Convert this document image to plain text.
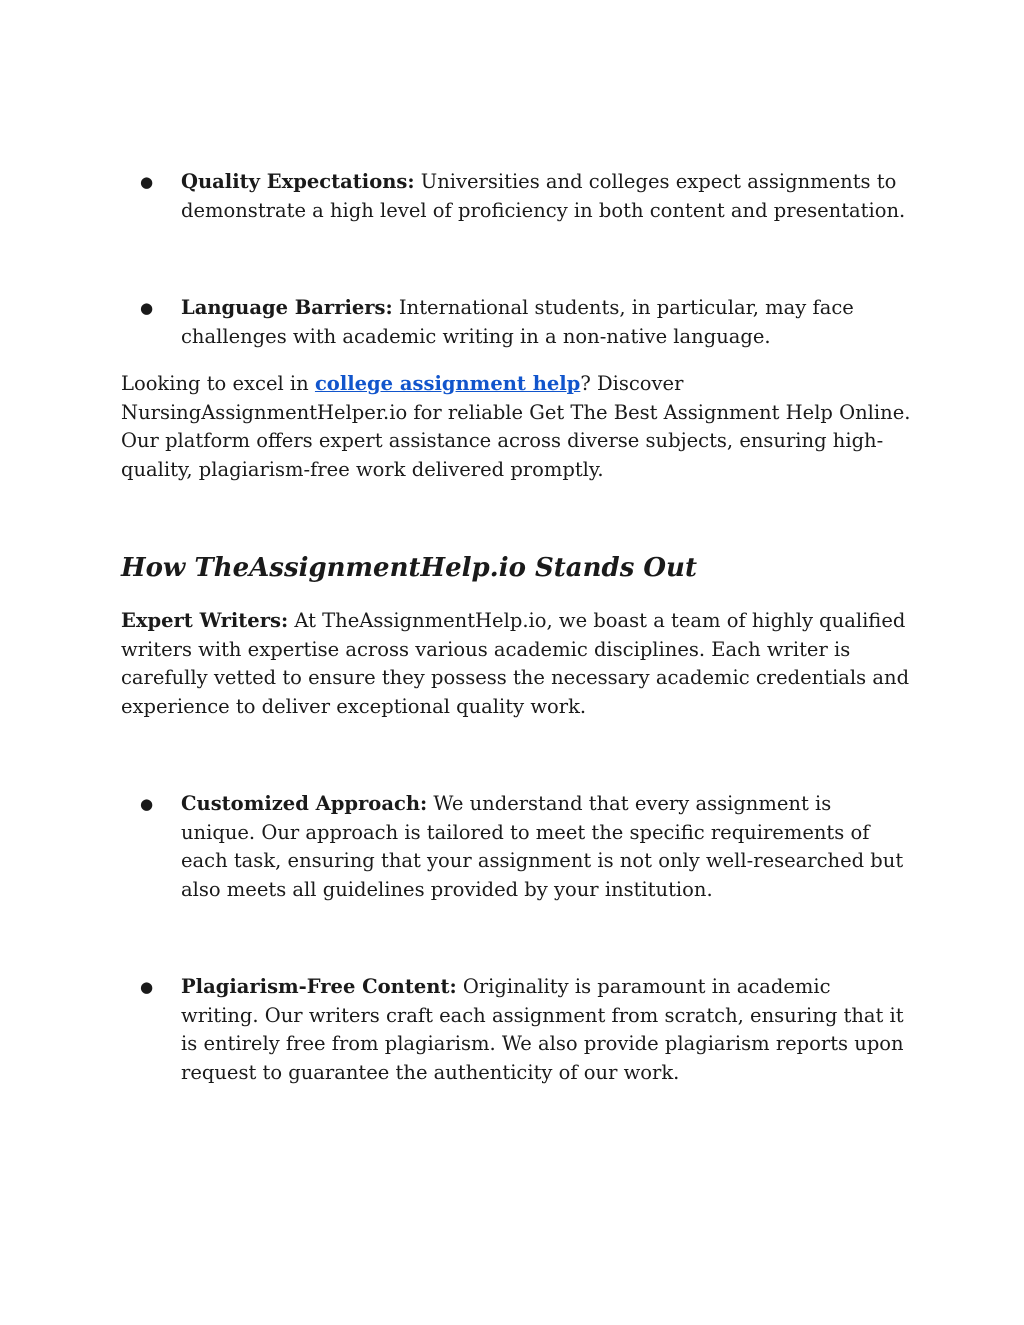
● Quality Expectations: Universities and colleges expect assignments to demonstrate a high level of proficiency in both content and presentation.
● Language Barriers: International students, in particular, may face challenges with academic writing in a non-native language.

Looking to excel in college assignment help? Discover NursingAssignmentHelper.io for reliable Get The Best Assignment Help Online. Our platform offers expert assistance across diverse subjects, ensuring high-quality, plagiarism-free work delivered promptly.

How TheAssignmentHelp.io Stands Out

Expert Writers: At TheAssignmentHelp.io, we boast a team of highly qualified writers with expertise across various academic disciplines. Each writer is carefully vetted to ensure they possess the necessary academic credentials and experience to deliver exceptional quality work.

● Customized Approach: We understand that every assignment is unique. Our approach is tailored to meet the specific requirements of each task, ensuring that your assignment is not only well-researched but also meets all guidelines provided by your institution.
● Plagiarism-Free Content: Originality is paramount in academic writing. Our writers craft each assignment from scratch, ensuring that it is entirely free from plagiarism. We also provide plagiarism reports upon request to guarantee the authenticity of our work.
